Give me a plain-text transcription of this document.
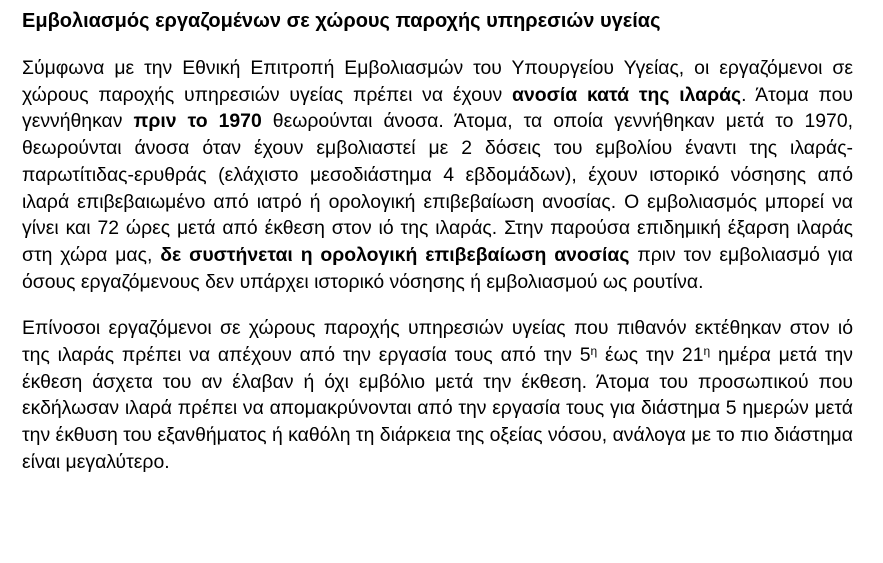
Εμβολιασμός εργαζομένων σε χώρους παροχής υπηρεσιών υγείας

Σύμφωνα με την Εθνική Επιτροπή Εμβολιασμών του Υπουργείου Υγείας, οι εργαζόμενοι σε χώρους παροχής υπηρεσιών υγείας πρέπει να έχουν ανοσία κατά της ιλαράς. Άτομα που γεννήθηκαν πριν το 1970 θεωρούνται άνοσα. Άτομα, τα οποία γεννήθηκαν μετά το 1970, θεωρούνται άνοσα όταν έχουν εμβολιαστεί με 2 δόσεις του εμβολίου έναντι της ιλαράς-παρωτίτιδας-ερυθράς (ελάχιστο μεσοδιάστημα 4 εβδομάδων), έχουν ιστορικό νόσησης από ιλαρά επιβεβαιωμένο από ιατρό ή ορολογική επιβεβαίωση ανοσίας. Ο εμβολιασμός μπορεί να γίνει και 72 ώρες μετά από έκθεση στον ιό της ιλαράς. Στην παρούσα επιδημική έξαρση ιλαράς στη χώρα μας, δε συστήνεται η ορολογική επιβεβαίωση ανοσίας πριν τον εμβολιασμό για όσους εργαζόμενους δεν υπάρχει ιστορικό νόσησης ή εμβολιασμού ως ρουτίνα.

Επίνοσοι εργαζόμενοι σε χώρους παροχής υπηρεσιών υγείας που πιθανόν εκτέθηκαν στον ιό της ιλαράς πρέπει να απέχουν από την εργασία τους από την $5^\eta$ έως την $21^\eta$ ημέρα μετά την έκθεση άσχετα του αν έλαβαν ή όχι εμβόλιο μετά την έκθεση. Άτομα του προσωπικού που εκδήλωσαν ιλαρά πρέπει να απομακρύνονται από την εργασία τους για διάστημα 5 ημερών μετά την έκθυση του εξανθήματος ή καθόλη τη διάρκεια της οξείας νόσου, ανάλογα με το πιο διάστημα είναι μεγαλύτερο.
